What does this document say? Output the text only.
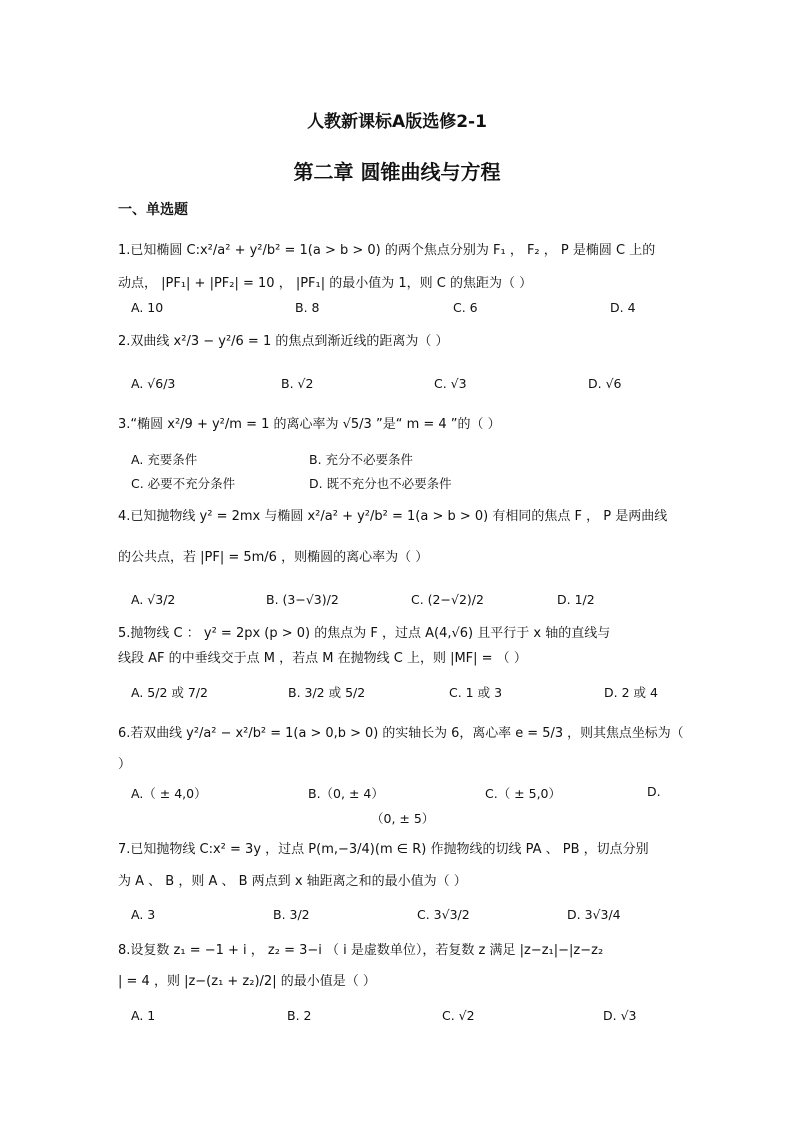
人教新课标A版选修2-1
第二章 圆锥曲线与方程
一、单选题
1.已知椭圆 C:x²/a² + y²/b² = 1(a > b > 0) 的两个焦点分别为 F₁ ， F₂ ， P 是椭圆 C 上的
动点， |PF₁| + |PF₂| = 10 ， |PF₁| 的最小值为 1，则 C 的焦距为（ ）
A. 10	B. 8	C. 6	D. 4
2.双曲线 x²/3 − y²/6 = 1 的焦点到渐近线的距离为（ ）
A. √6/3	B. √2	C. √3	D. √6
3.“椭圆 x²/9 + y²/m = 1 的离心率为 √5/3 ”是“ m = 4 ”的（ ）
A. 充要条件	B. 充分不必要条件
C. 必要不充分条件	D. 既不充分也不必要条件
4.已知抛物线 y² = 2mx 与椭圆 x²/a² + y²/b² = 1(a > b > 0) 有相同的焦点 F ， P 是两曲线
的公共点，若 |PF| = 5m/6 ，则椭圆的离心率为（ ）
A. √3/2	B. (3−√3)/2	C. (2−√2)/2	D. 1/2
5.抛物线 C ： y² = 2px (p > 0) 的焦点为 F ，过点 A(4,√6) 且平行于 x 轴的直线与
线段 AF 的中垂线交于点 M ，若点 M 在抛物线 C 上，则 |MF| = （ ）
A. 5/2 或 7/2	B. 3/2 或 5/2	C. 1 或 3	D. 2 或 4
6.若双曲线 y²/a² − x²/b² = 1(a > 0,b > 0) 的实轴长为 6，离心率 e = 5/3 ，则其焦点坐标为（
）
A.（ ± 4,0）	B.（0, ± 4）	C.（ ± 5,0）	D.
（0, ± 5）
7.已知抛物线 C:x² = 3y ，过点 P(m,−3/4)(m ∈ R) 作抛物线的切线 PA 、 PB ，切点分别
为 A 、 B ，则 A 、 B 两点到 x 轴距离之和的最小值为（ ）
A. 3	B. 3/2	C. 3√3/2	D. 3√3/4
8.设复数 z₁ = −1 + i ， z₂ = 3−i （ i 是虚数单位），若复数 z 满足 |z−z₁|−|z−z₂
| = 4 ，则 |z−(z₁ + z₂)/2| 的最小值是（ ）
A. 1	B. 2	C. √2	D. √3
